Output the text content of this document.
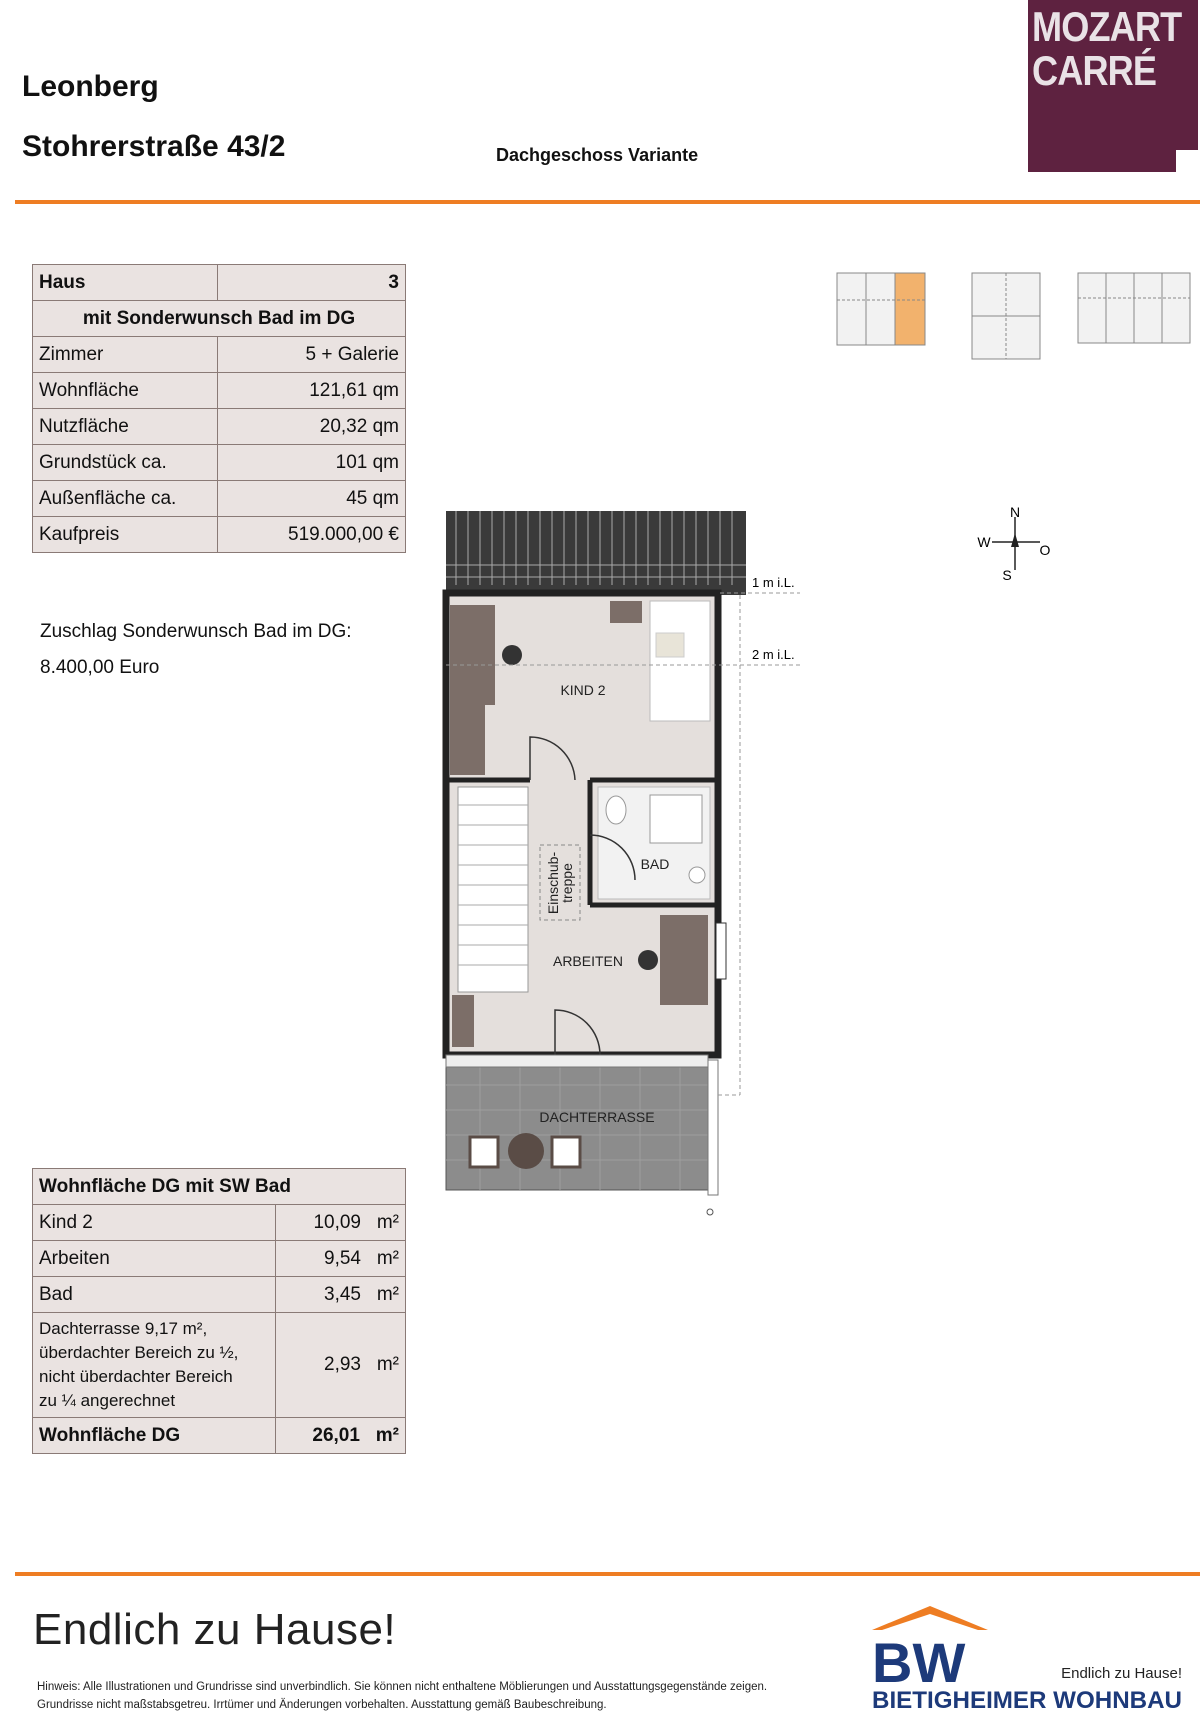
Leonberg
Stohrerstraße 43/2	Dachgeschoss Variante
MOZART
CARRÉ
Haus	3
mit Sonderwunsch Bad im DG	
Zimmer	5 + Galerie
Wohnfläche	121,61 qm
Nutzfläche	20,32 qm
Grundstück ca.	101 qm
Außenfläche ca.	45 qm
Kaufpreis	519.000,00 €
Zuschlag Sonderwunsch Bad im DG:
8.400,00 Euro
N
S
W	O
Einschub-
treppe
KIND 2
BAD
ARBEITEN
DACHTERRASSE
1 m i.L.
2 m i.L.
Wohnfläche DG mit SW Bad	
Kind 2	10,09 m²
Arbeiten	9,54 m²
Bad	3,45 m²

Dachterrasse 9,17 m²,
überdachter Bereich zu ½,
nicht überdachter Bereich
zu ¼ angerechnet	2,93 m²
Wohnfläche DG	26,01 m²
Endlich zu Hause!
Hinweis: Alle Illustrationen und Grundrisse sind unverbindlich. Sie können nicht enthaltene Möblierungen und Ausstattungsgegenstände zeigen.
Grundrisse nicht maßstabsgetreu. Irrtümer und Änderungen vorbehalten. Ausstattung gemäß Baubeschreibung.
BW	Endlich zu Hause!
BIETIGHEIMER WOHNBAU
